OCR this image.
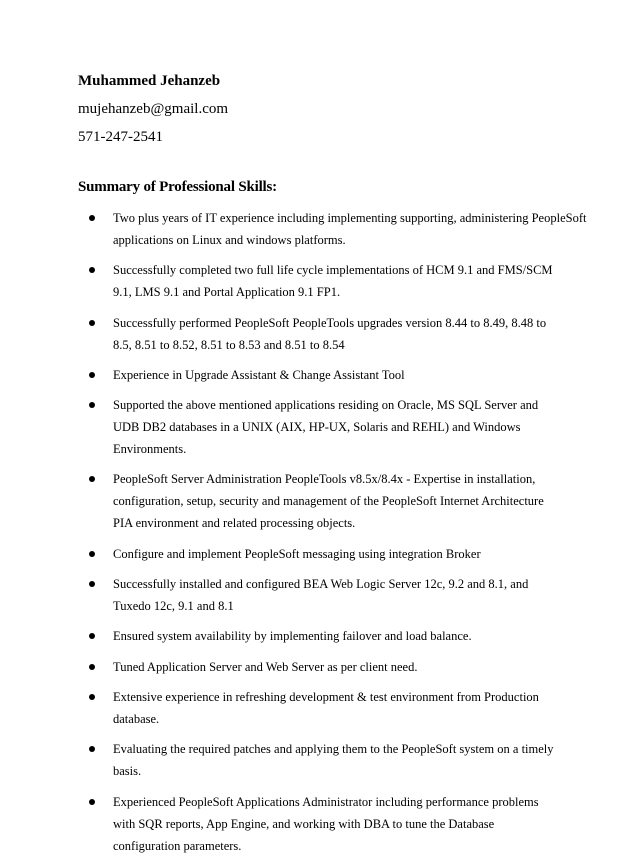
Muhammed Jehanzeb
mujehanzeb@gmail.com
571-247-2541
Summary of Professional Skills:
Two plus years of IT experience including implementing supporting, administering PeopleSoft
applications on Linux and windows platforms.
Successfully completed two full life cycle implementations of HCM 9.1 and FMS/SCM
9.1, LMS 9.1 and Portal Application 9.1 FP1.
Successfully performed PeopleSoft PeopleTools upgrades version 8.44 to 8.49, 8.48 to
8.5, 8.51 to 8.52, 8.51 to 8.53 and 8.51 to 8.54
Experience in Upgrade Assistant & Change Assistant Tool
Supported the above mentioned applications residing on Oracle, MS SQL Server and
UDB DB2 databases in a UNIX (AIX, HP-UX, Solaris and REHL) and Windows
Environments.
PeopleSoft Server Administration PeopleTools v8.5x/8.4x - Expertise in installation,
configuration, setup, security and management of the PeopleSoft Internet Architecture
PIA environment and related processing objects.
Configure and implement PeopleSoft messaging using integration Broker
Successfully installed and configured BEA Web Logic Server 12c, 9.2 and 8.1, and
Tuxedo 12c, 9.1 and 8.1
Ensured system availability by implementing failover and load balance.
Tuned Application Server and Web Server as per client need.
Extensive experience in refreshing development & test environment from Production
database.
Evaluating the required patches and applying them to the PeopleSoft system on a timely
basis.
Experienced PeopleSoft Applications Administrator including performance problems
with SQR reports, App Engine, and working with DBA to tune the Database
configuration parameters.
